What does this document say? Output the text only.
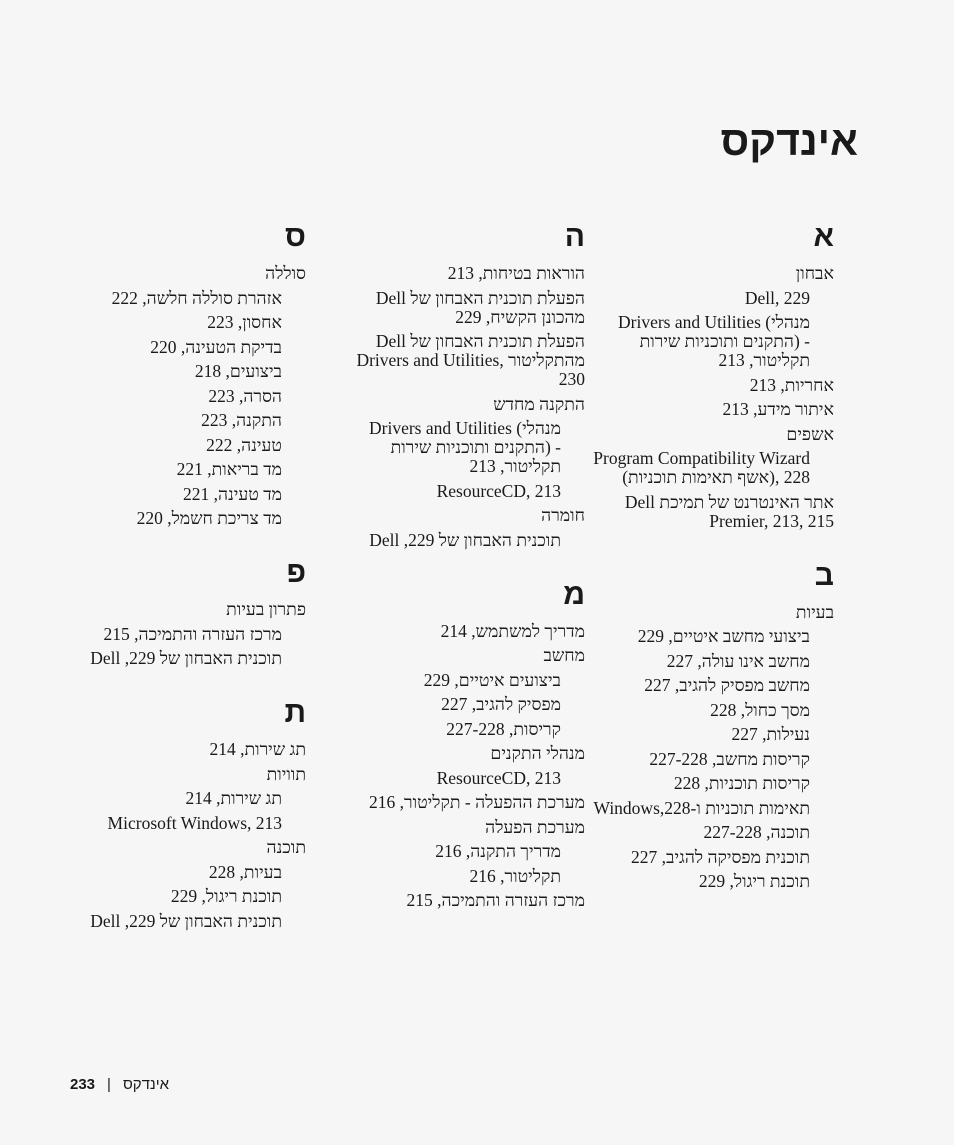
אינדקס
א
אבחון
Dell, 229
Drivers and Utilities (מנהלי התקנים ותוכניות שירות) - תקליטור, 213
אחריות, 213
איתור מידע, 213
אשפים
Program Compatibility Wizard (אשף תאימות תוכניות), 228
אתר האינטרנט של תמיכת Dell Premier, 213, 215
ב
בעיות
ביצועי מחשב איטיים, 229
מחשב אינו עולה, 227
מחשב מפסיק להגיב, 227
מסך כחול, 228
נעילות, 227
קריסות מחשב, 227-228
קריסות תוכניות, 228
תאימות תוכניות ו-Windows,228
תוכנה, 227-228
תוכנית מפסיקה להגיב, 227
תוכנת ריגול, 229
ה
הוראות בטיחות, 213
הפעלת תוכנית האבחון של Dell מהכונן הקשיח, 229
הפעלת תוכנית האבחון של Dell מהתקליטור Drivers and Utilities, 230
התקנה מחדש
Drivers and Utilities (מנהלי התקנים ותוכניות שירות) - תקליטור, 213
ResourceCD, 213
חומרה
תוכנית האבחון של Dell ,229
מ
מדריך למשתמש, 214
מחשב
ביצועים איטיים, 229
מפסיק להגיב, 227
קריסות, 227-228
מנהלי התקנים
ResourceCD, 213
מערכת ההפעלה - תקליטור, 216
מערכת הפעלה
מדריך התקנה, 216
תקליטור, 216
מרכז העזרה והתמיכה, 215
ס
סוללה
אזהרת סוללה חלשה, 222
אחסון, 223
בדיקת הטעינה, 220
ביצועים, 218
הסרה, 223
התקנה, 223
טעינה, 222
מד בריאות, 221
מד טעינה, 221
מד צריכת חשמל, 220
פ
פתרון בעיות
מרכז העזרה והתמיכה, 215
תוכנית האבחון של Dell ,229
ת
תג שירות, 214
תוויות
תג שירות, 214
Microsoft Windows, 213
תוכנה
בעיות, 228
תוכנת ריגול, 229
תוכנית האבחון של Dell ,229
233 | אינדקס
